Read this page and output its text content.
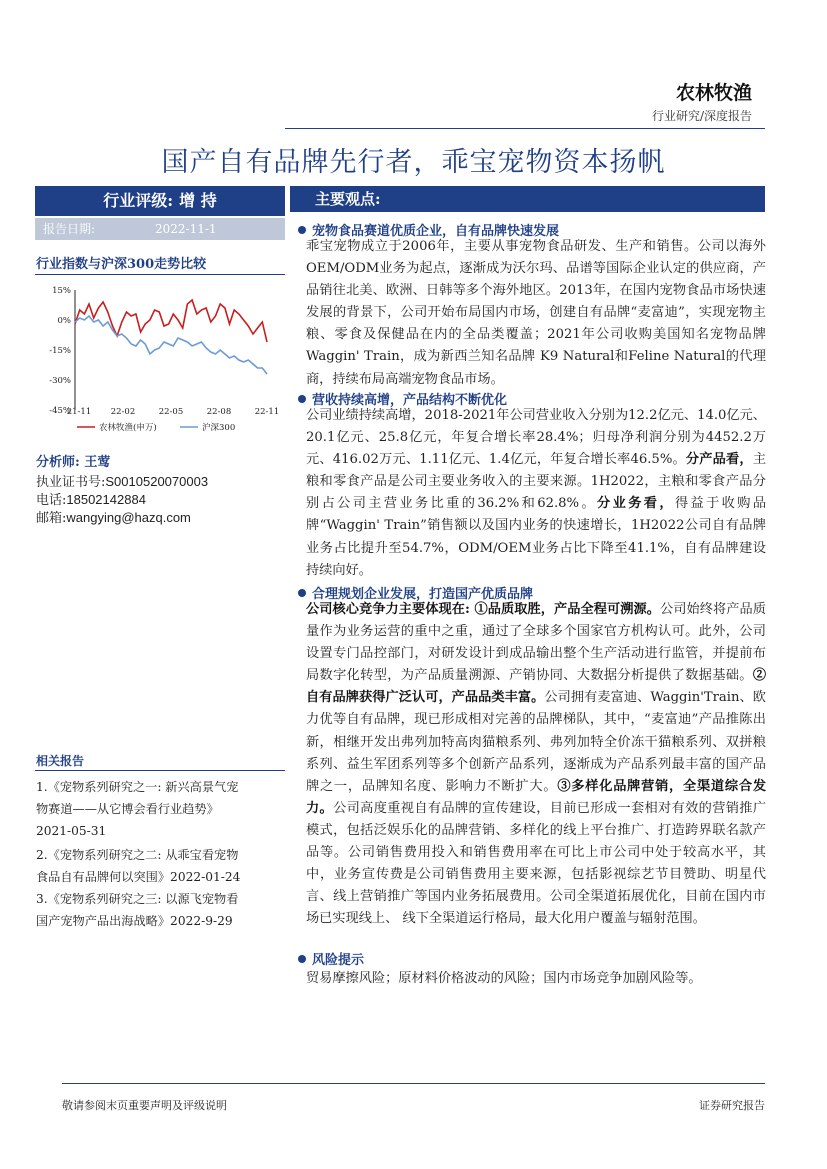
农林牧渔
行业研究/深度报告
国产自有品牌先行者，乖宝宠物资本扬帆
行业评级: 增 持
报告日期:	2022-11-1
行业指数与沪深300走势比较
15%
0%
-15%
-30%
-45%
21-11 22-02	22-05	22-08	22-11
农林牧渔(申万)	沪深300
分析师: 王莺
执业证书号:S0010520070003
电话:18502142884
邮箱:wangying@hazq.com
相关报告
1.《宠物系列研究之一: 新兴高景气宠
物赛道——从它博会看行业趋势》
2021-05-31
2.《宠物系列研究之二: 从乖宝看宠物
食品自有品牌何以突围》2022-01-24
3.《宠物系列研究之三: 以源飞宠物看
国产宠物产品出海战略》2022-9-29
主要观点:
宠物食品赛道优质企业，自有品牌快速发展
乖宝宠物成立于2006年，主要从事宠物食品研发、生产和销售。公司以海外OEM/ODM业务为起点，逐渐成为沃尔玛、品谱等国际企业认定的供应商，产品销往北美、欧洲、日韩等多个海外地区。2013年，在国内宠物食品市场快速发展的背景下，公司开始布局国内市场，创建自有品牌“麦富迪”，实现宠物主粮、零食及保健品在内的全品类覆盖；2021年公司收购美国知名宠物品牌 Waggin' Train，成为新西兰知名品牌 K9 Natural和Feline Natural的代理商，持续布局高端宠物食品市场。
营收持续高增，产品结构不断优化
公司业绩持续高增，2018-2021年公司营业收入分别为12.2亿元、14.0亿元、20.1亿元、25.8亿元，年复合增长率28.4%；归母净利润分别为4452.2万元、416.02万元、1.11亿元、1.4亿元，年复合增长率46.5%。分产品看，主粮和零食产品是公司主要业务收入的主要来源。1H2022，主粮和零食产品分别占公司主营业务比重的36.2%和62.8%。分业务看，得益于收购品牌“Waggin' Train”销售额以及国内业务的快速增长，1H2022公司自有品牌业务占比提升至54.7%，ODM/OEM业务占比下降至41.1%，自有品牌建设持续向好。
合理规划企业发展，打造国产优质品牌
公司核心竞争力主要体现在: ①品质取胜，产品全程可溯源。公司始终将产品质量作为业务运营的重中之重，通过了全球多个国家官方机构认可。此外，公司设置专门品控部门，对研发设计到成品输出整个生产活动进行监管，并提前布局数字化转型，为产品质量溯源、产销协同、大数据分析提供了数据基础。②自有品牌获得广泛认可，产品品类丰富。公司拥有麦富迪、Waggin'Train、欧力优等自有品牌，现已形成相对完善的品牌梯队，其中，“麦富迪”产品推陈出新，相继开发出弗列加特高肉猫粮系列、弗列加特全价冻干猫粮系列、双拼粮系列、益生军团系列等多个创新产品系列，逐渐成为产品系列最丰富的国产品牌之一，品牌知名度、影响力不断扩大。③多样化品牌营销，全渠道综合发力。公司高度重视自有品牌的宣传建设，目前已形成一套相对有效的营销推广模式，包括泛娱乐化的品牌营销、多样化的线上平台推广、打造跨界联名款产品等。公司销售费用投入和销售费用率在可比上市公司中处于较高水平，其中，业务宣传费是公司销售费用主要来源，包括影视综艺节目赞助、明星代言、线上营销推广等国内业务拓展费用。公司全渠道拓展优化，目前在国内市场已实现线上、 线下全渠道运行格局，最大化用户覆盖与辐射范围。
风险提示
贸易摩擦风险；原材料价格波动的风险；国内市场竞争加剧风险等。
敬请参阅末页重要声明及评级说明	证券研究报告
